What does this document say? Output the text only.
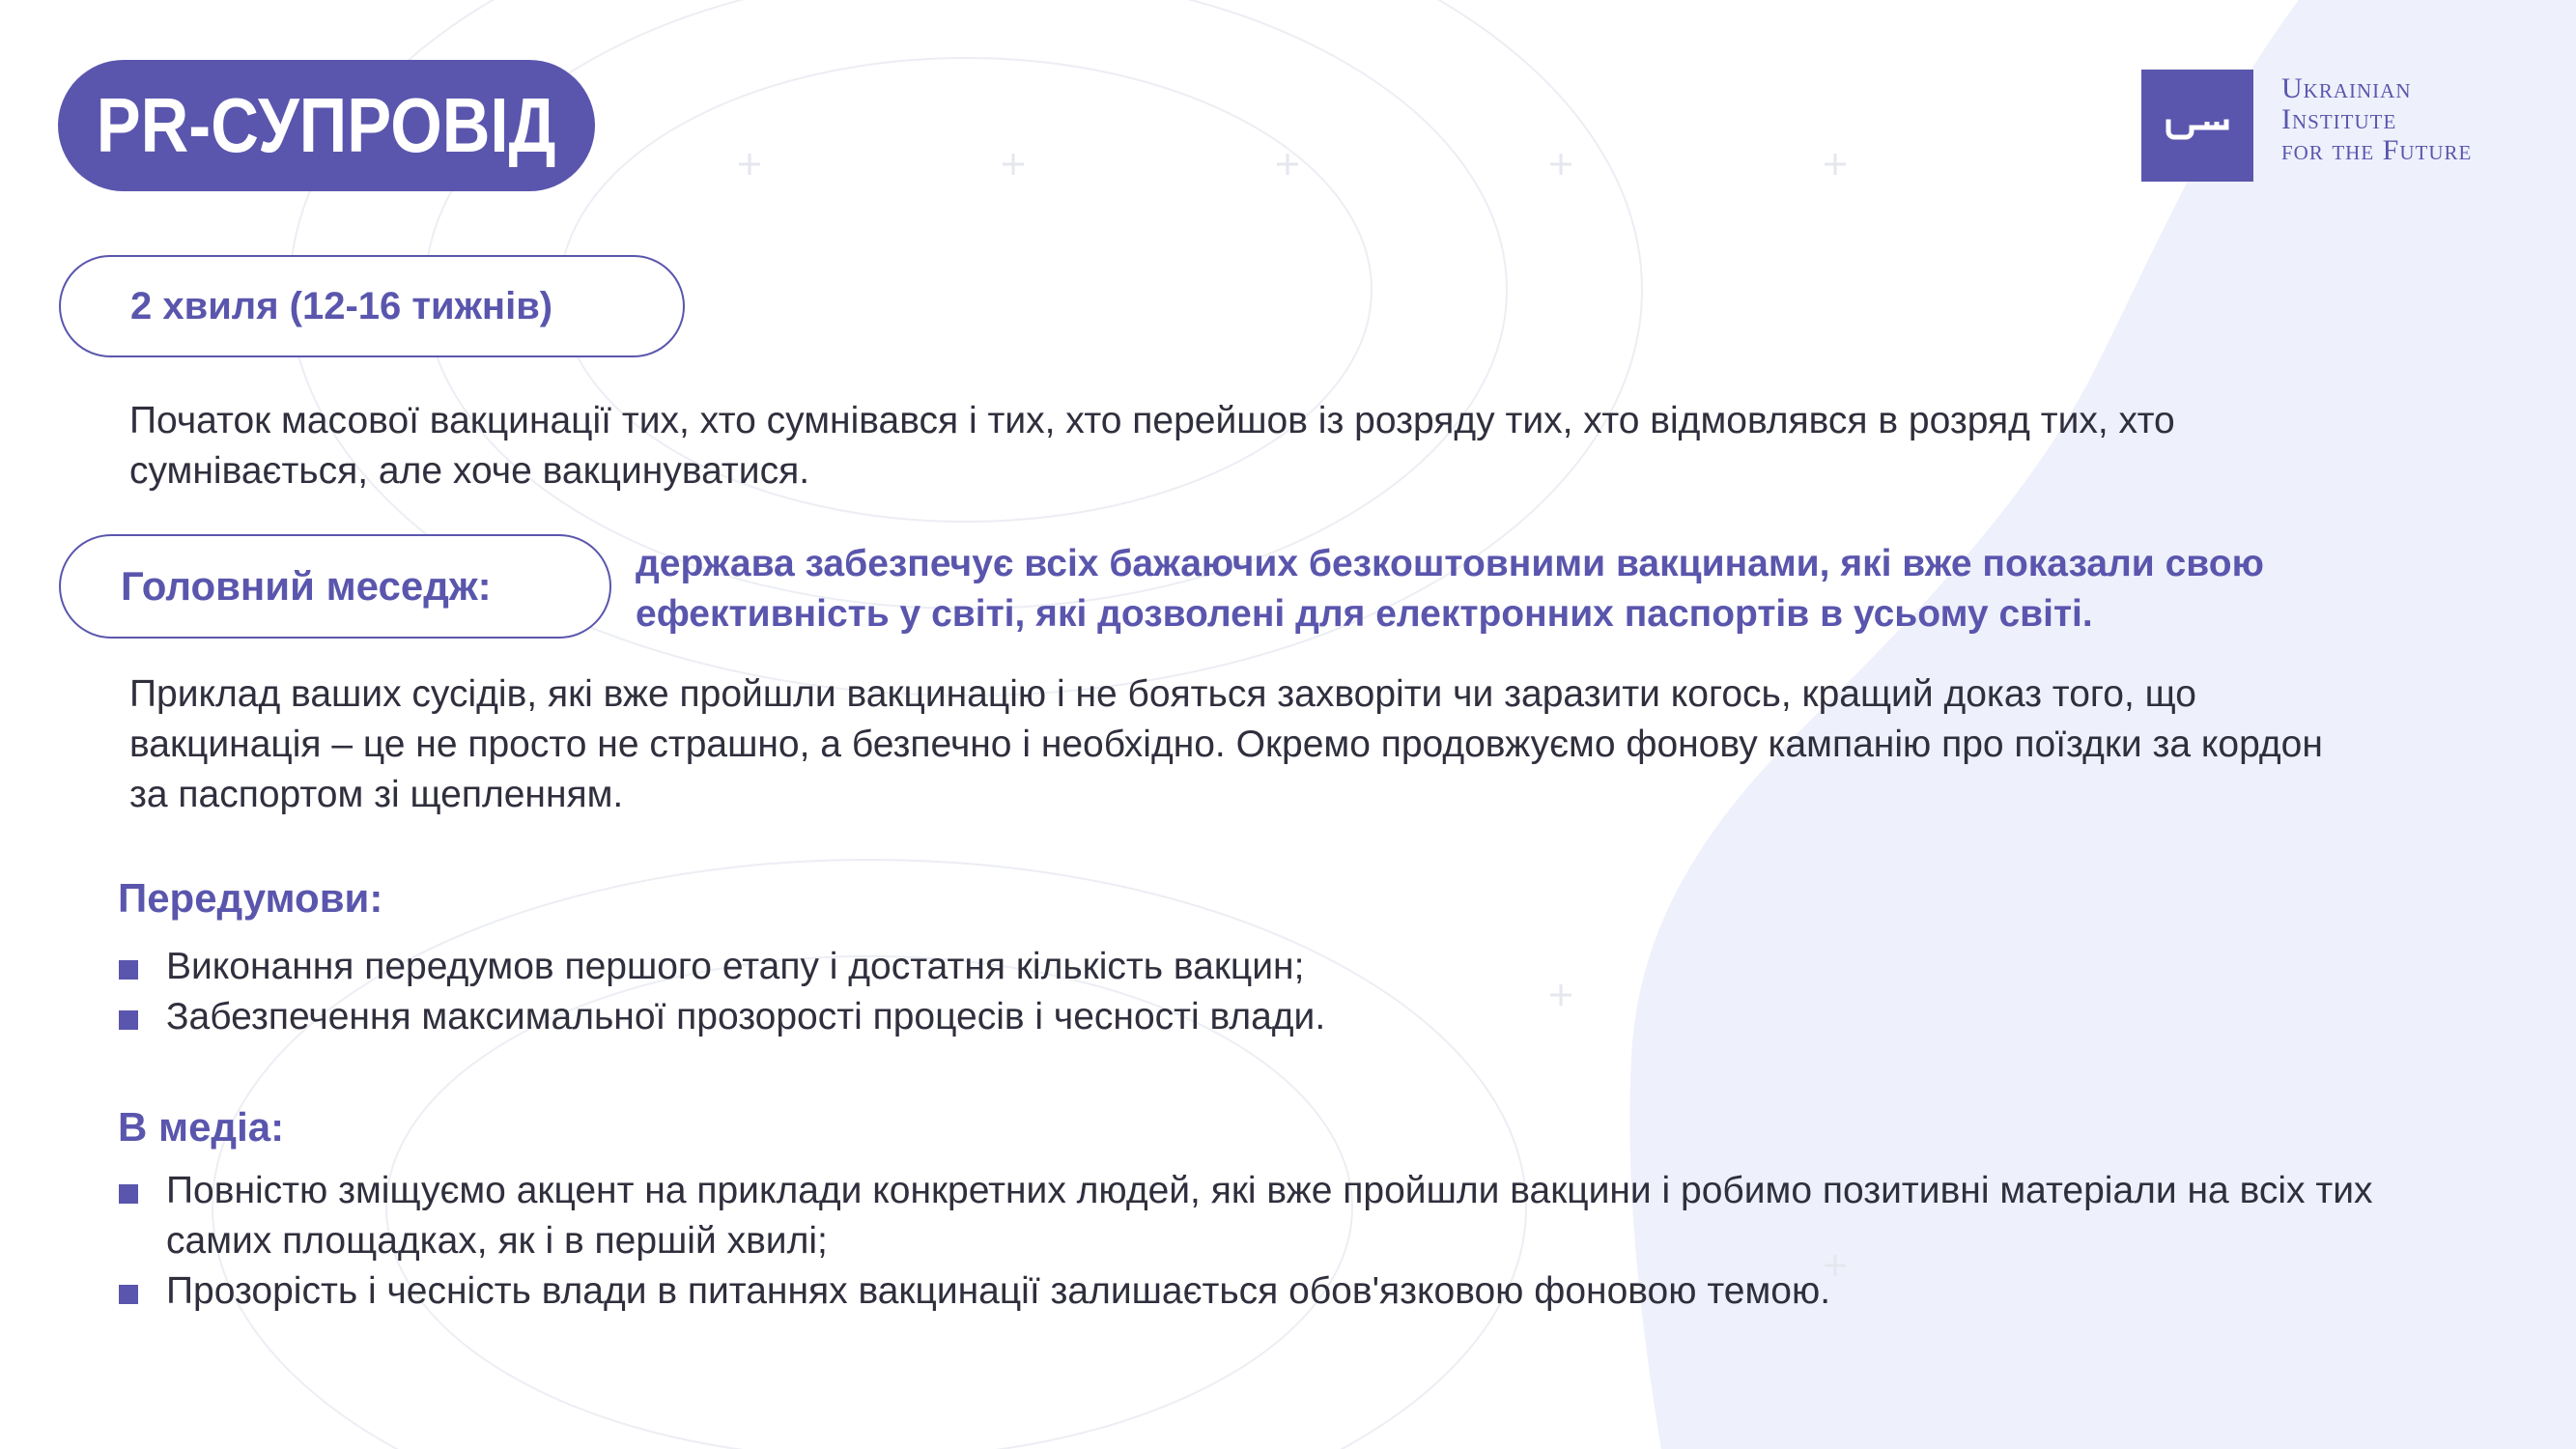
PR-СУПРОВІД	Ukrainian
Institute
for the Future
2 хвиля (12-16 тижнів)
Початок масової вакцинації тих, хто сумнівався і тих, хто перейшов із розряду тих, хто відмовлявся в розряд тих, хто сумнівається, але хоче вакцинуватися.
Головний меседж:	держава забезпечує всіх бажаючих безкоштовними вакцинами, які вже показали свою ефективність у світі, які дозволені для електронних паспортів в усьому світі.
Приклад ваших сусідів, які вже пройшли вакцинацію і не бояться захворіти чи заразити когось, кращий доказ того, що вакцинація – це не просто не страшно, а безпечно і необхідно. Окремо продовжуємо фонову кампанію про поїздки за кордон за паспортом зі щепленням.
Передумови:
Виконання передумов першого етапу і достатня кількість вакцин;
Забезпечення максимальної прозорості процесів і чесності влади.
В медіа:
Повністю зміщуємо акцент на приклади конкретних людей, які вже пройшли вакцини і робимо позитивні матеріали на всіх тих самих площадках, як і в першій хвилі;
Прозорість і чесність влади в питаннях вакцинації залишається обов'язковою фоновою темою.
